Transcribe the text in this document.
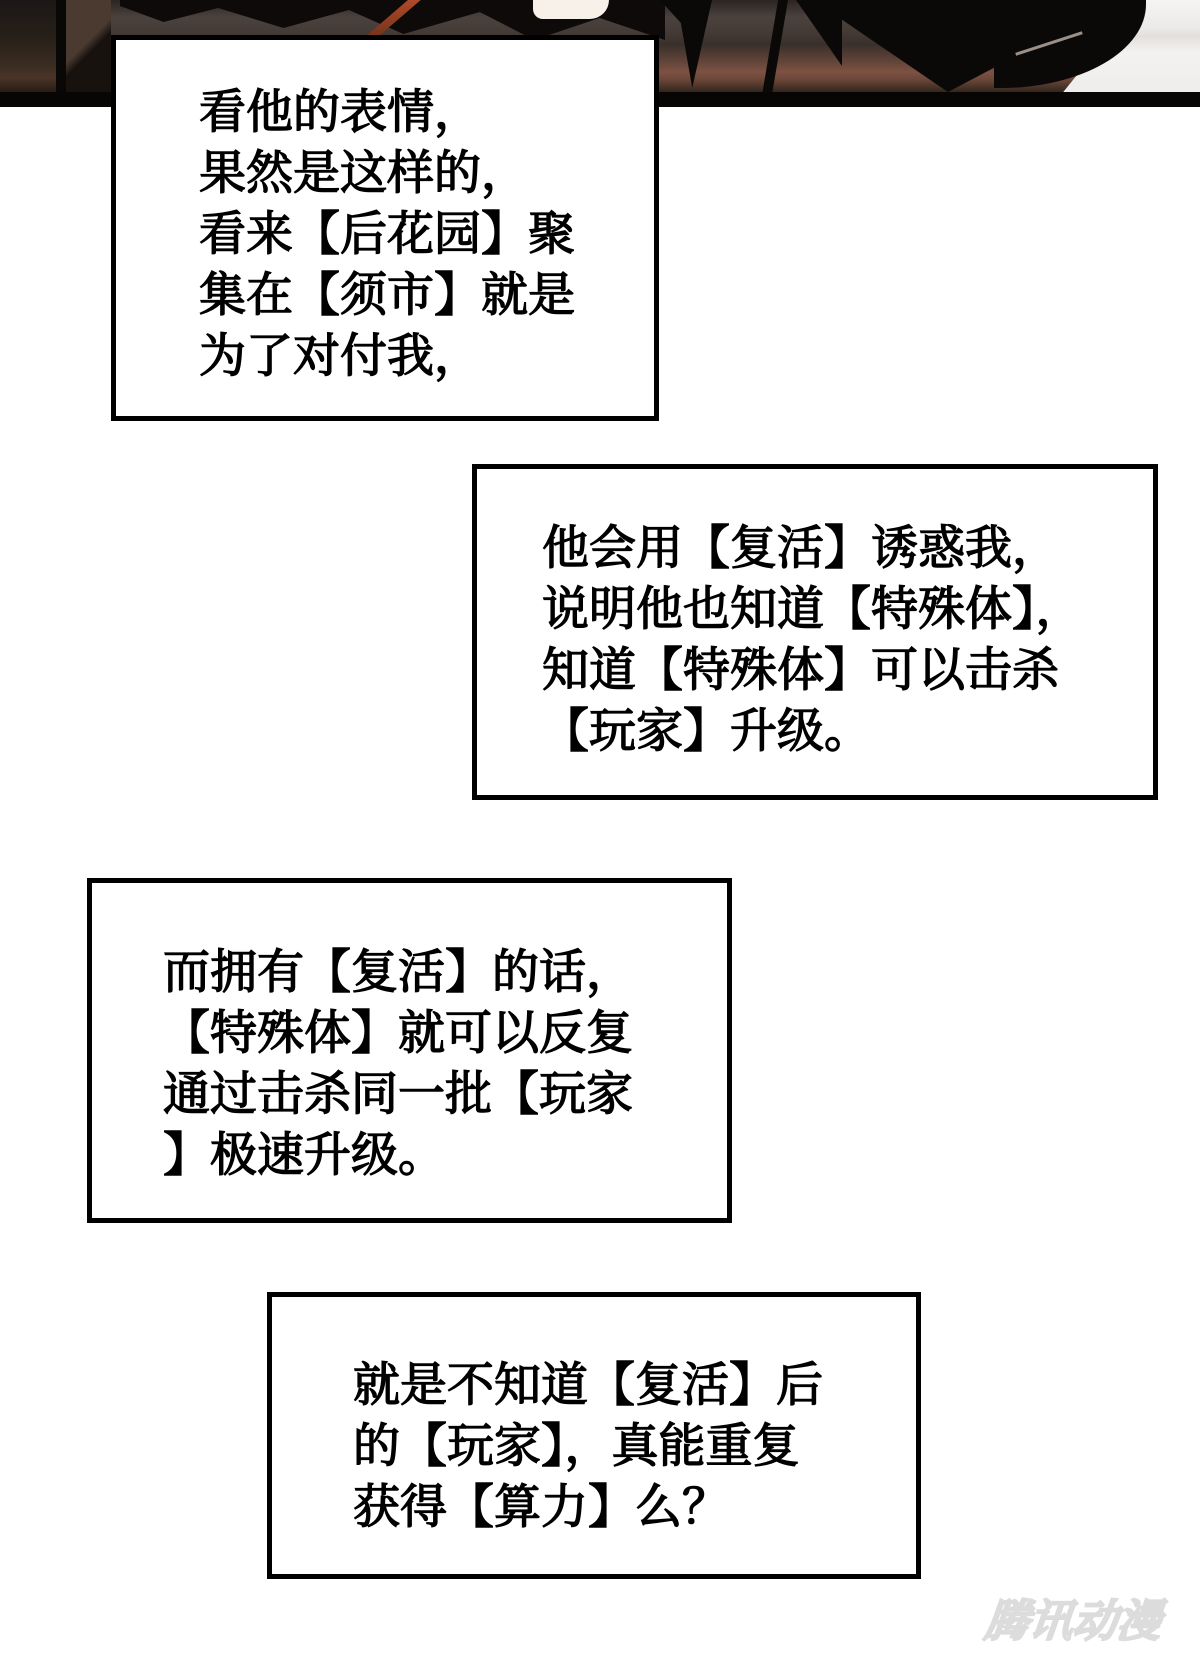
看他的表情，
果然是这样的，
看来【后花园】聚
集在【须市】就是
为了对付我，
他会用【复活】诱惑我，
说明他也知道【特殊体】，
知道【特殊体】可以击杀
【玩家】升级。
而拥有【复活】的话，
【特殊体】就可以反复
通过击杀同一批【玩家
】极速升级。
就是不知道【复活】后
的【玩家】，真能重复
获得【算力】么？
腾讯动漫
